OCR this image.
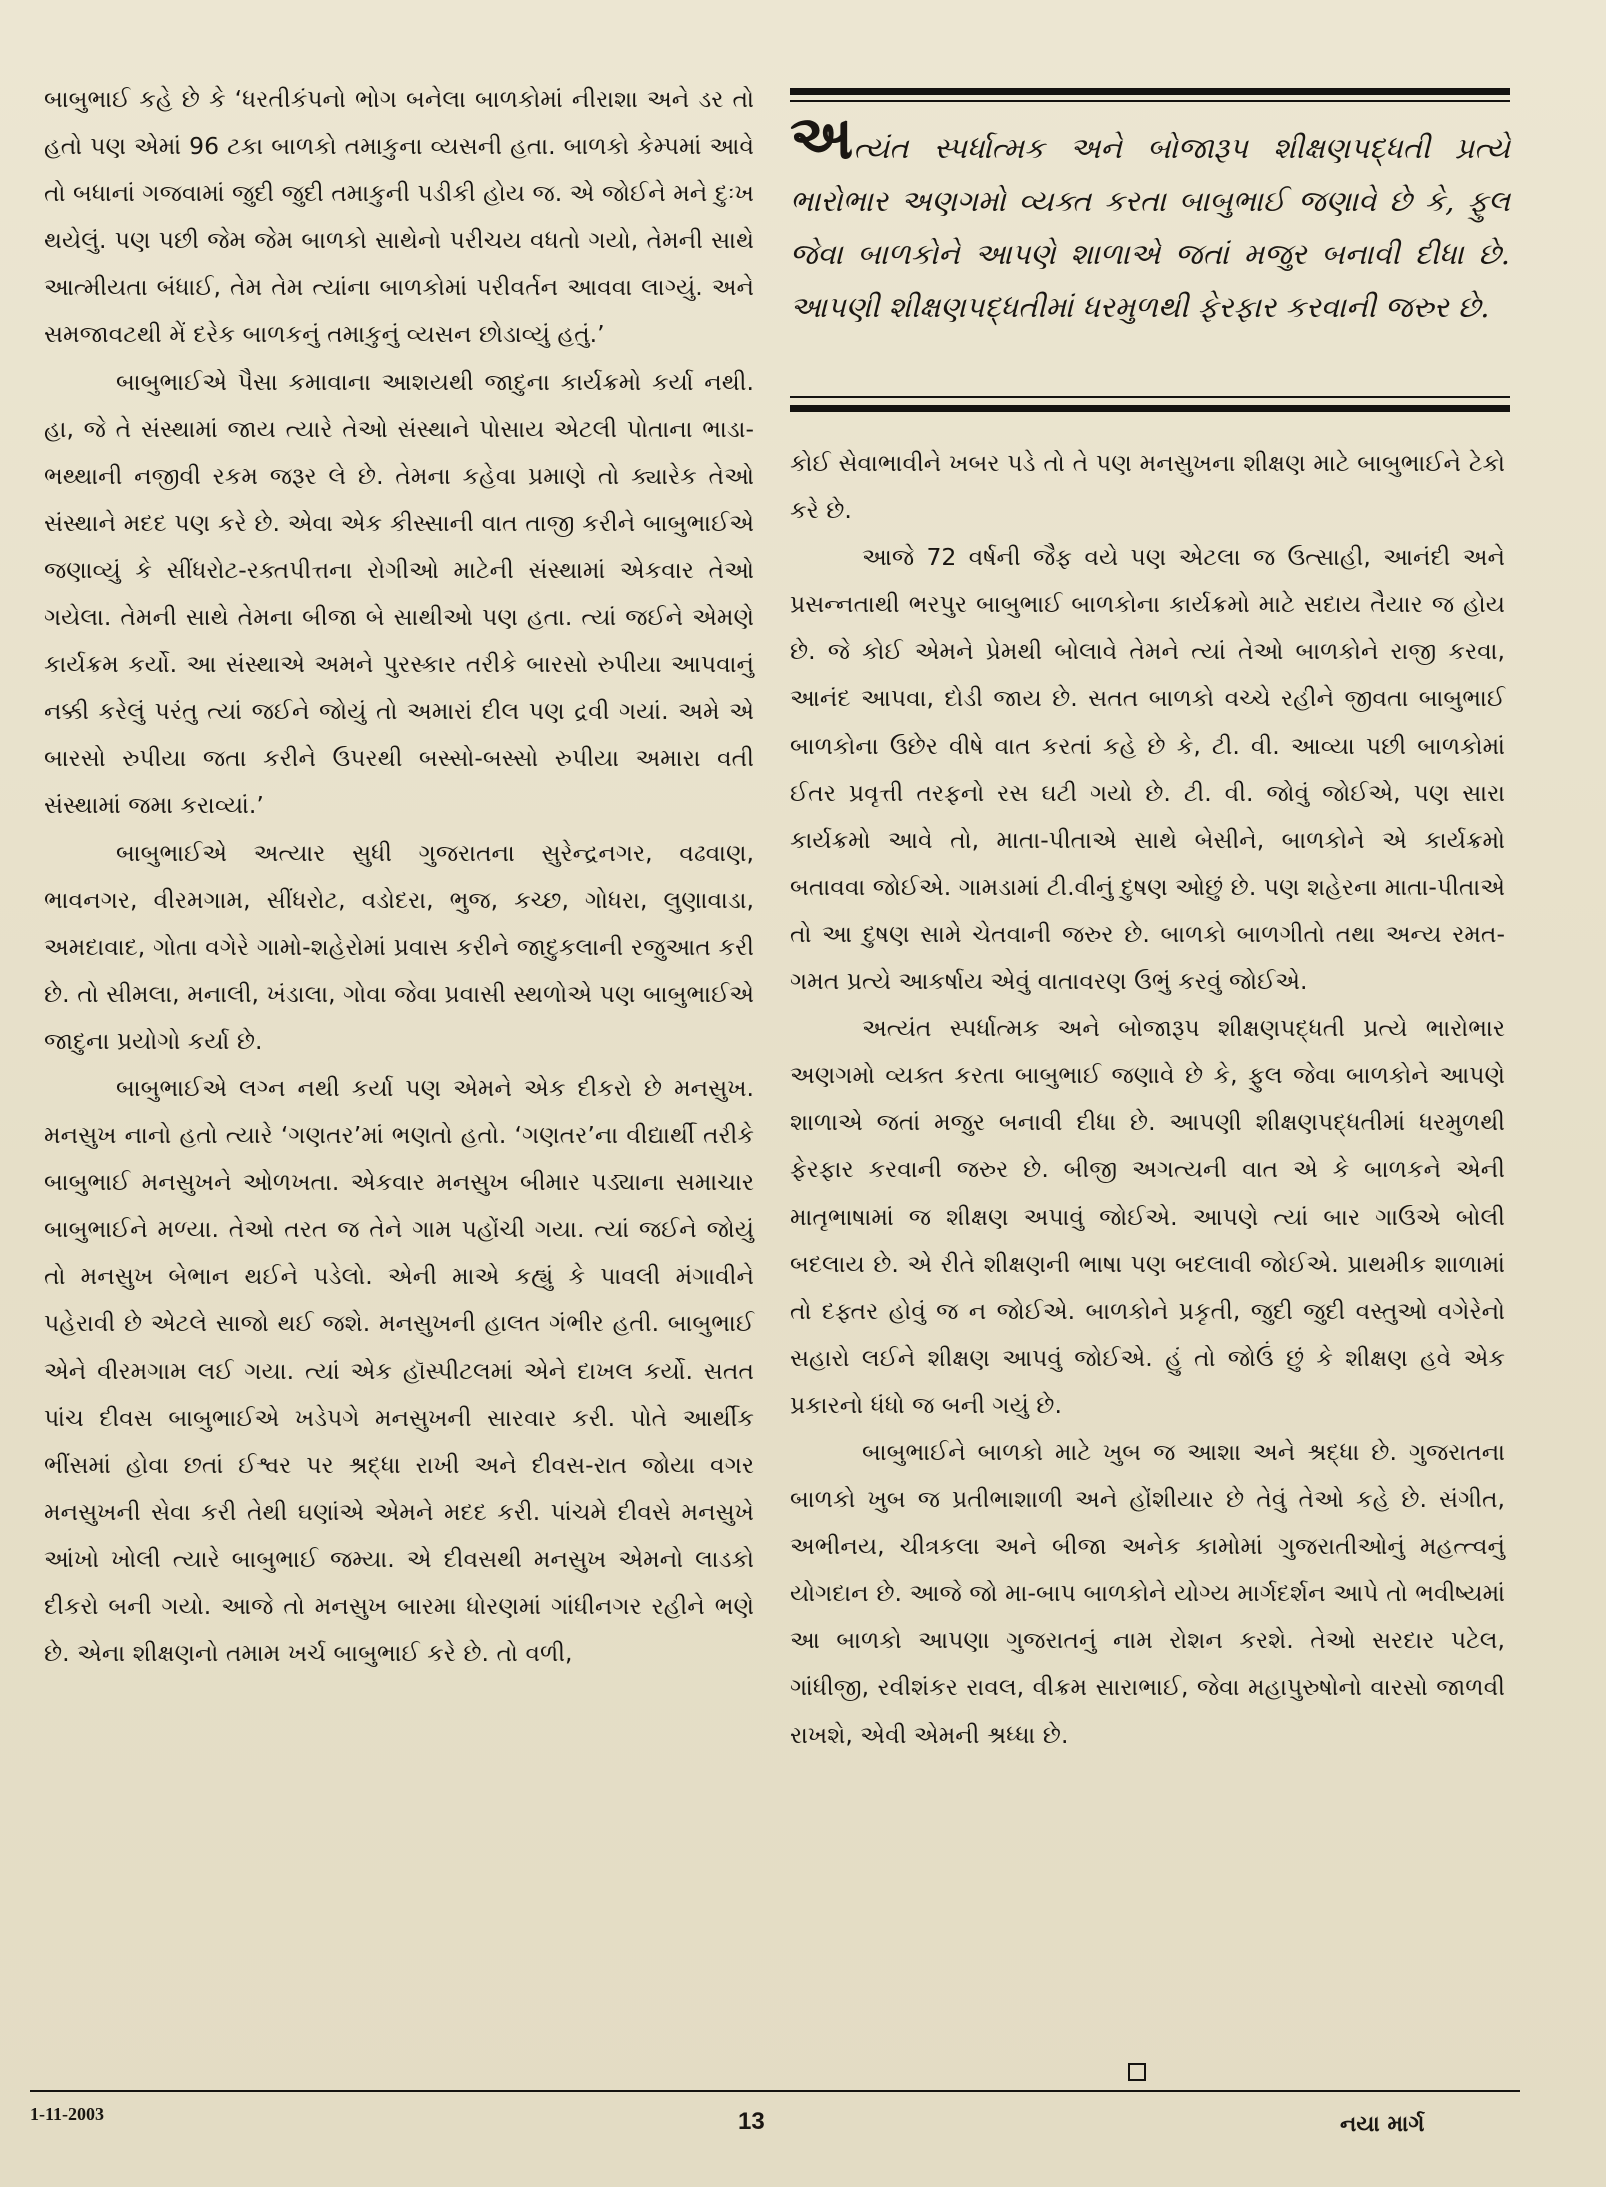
બાબુભાઈ કહે છે કે ‘ધરતીકંપનો ભોગ બનેલા બાળકોમાં નીરાશા અને ડર તો હતો પણ એમાં 96 ટકા બાળકો તમાકુના વ્યસની હતા. બાળકો કેમ્પમાં આવે તો બધાનાં ગજવામાં જુદી જુદી તમાકુની પડીકી હોય જ. એ જોઈને મને દુઃખ થયેલું. પણ પછી જેમ જેમ બાળકો સાથેનો પરીચય વધતો ગયો, તેમની સાથે આત્મીયતા બંધાઈ, તેમ તેમ ત્યાંના બાળકોમાં પરીવર્તન આવવા લાગ્યું. અને સમજાવટથી મેં દરેક બાળકનું તમાકુનું વ્યસન છોડાવ્યું હતું.’

બાબુભાઈએ પૈસા કમાવાના આશયથી જાદુના કાર્યક્રમો કર્યા નથી. હા, જે તે સંસ્થામાં જાય ત્યારે તેઓ સંસ્થાને પોસાય એટલી પોતાના ભાડા-ભથ્થાની નજીવી રકમ જરૂર લે છે. તેમના કહેવા પ્રમાણે તો ક્યારેક તેઓ સંસ્થાને મદદ પણ કરે છે. એવા એક કીસ્સાની વાત તાજી કરીને બાબુભાઈએ જણાવ્યું કે સીંધરોટ-રક્તપીત્તના રોગીઓ માટેની સંસ્થામાં એકવાર તેઓ ગયેલા. તેમની સાથે તેમના બીજા બે સાથીઓ પણ હતા. ત્યાં જઈને એમણે કાર્યક્રમ કર્યો. આ સંસ્થાએ અમને પુરસ્કાર તરીકે બારસો રુપીયા આપવાનું નક્કી કરેલું પરંતુ ત્યાં જઈને જોયું તો અમારાં દીલ પણ દ્રવી ગયાં. અમે એ બારસો રુપીયા જતા કરીને ઉપરથી બસ્સો-બસ્સો રુપીયા અમારા વતી સંસ્થામાં જમા કરાવ્યાં.’

બાબુભાઈએ અત્યાર સુધી ગુજરાતના સુરેન્દ્રનગર, વઢવાણ, ભાવનગર, વીરમગામ, સીંધરોટ, વડોદરા, ભુજ, કચ્છ, ગોધરા, લુણાવાડા, અમદાવાદ, ગોતા વગેરે ગામો-શહેરોમાં પ્રવાસ કરીને જાદુકલાની રજુઆત કરી છે. તો સીમલા, મનાલી, ખંડાલા, ગોવા જેવા પ્રવાસી સ્થળોએ પણ બાબુભાઈએ જાદુના પ્રયોગો કર્યા છે.

બાબુભાઈએ લગ્ન નથી કર્યા પણ એમને એક દીકરો છે મનસુખ. મનસુખ નાનો હતો ત્યારે ‘ગણતર’માં ભણતો હતો. ‘ગણતર’ના વીદ્યાર્થી તરીકે બાબુભાઈ મનસુખને ઓળખતા. એકવાર મનસુખ બીમાર પડ્યાના સમાચાર બાબુભાઈને મળ્યા. તેઓ તરત જ તેને ગામ પહોંચી ગયા. ત્યાં જઈને જોયું તો મનસુખ બેભાન થઈને પડેલો. એની માએ કહ્યું કે પાવલી મંગાવીને પહેરાવી છે એટલે સાજો થઈ જશે. મનસુખની હાલત ગંભીર હતી. બાબુભાઈ એને વીરમગામ લઈ ગયા. ત્યાં એક હૉસ્પીટલમાં એને દાખલ કર્યો. સતત પાંચ દીવસ બાબુભાઈએ ખડેપગે મનસુખની સારવાર કરી. પોતે આર્થીક ભીંસમાં હોવા છતાં ઈશ્વર પર શ્રદ્ધા રાખી અને દીવસ-રાત જોયા વગર મનસુખની સેવા કરી તેથી ઘણાંએ એમને મદદ કરી. પાંચમે દીવસે મનસુખે આંખો ખોલી ત્યારે બાબુભાઈ જમ્યા. એ દીવસથી મનસુખ એમનો લાડકો દીકરો બની ગયો. આજે તો મનસુખ બારમા ધોરણમાં ગાંધીનગર રહીને ભણે છે. એના શીક્ષણનો તમામ ખર્ચ બાબુભાઈ કરે છે. તો વળી,

અત્યંત સ્પર્ધાત્મક અને બોજારૂપ શીક્ષણપદ્ધતી પ્રત્યે ભારોભાર અણગમો વ્યક્ત કરતા બાબુભાઈ જણાવે છે કે, ફુલ જેવા બાળકોને આપણે શાળાએ જતાં મજુર બનાવી દીધા છે. આપણી શીક્ષણપદ્ધતીમાં ધરમુળથી ફેરફાર કરવાની જરુર છે.

કોઈ સેવાભાવીને ખબર પડે તો તે પણ મનસુખના શીક્ષણ માટે બાબુભાઈને ટેકો કરે છે.

આજે 72 વર્ષની જૈફ વયે પણ એટલા જ ઉત્સાહી, આનંદી અને પ્રસન્નતાથી ભરપુર બાબુભાઈ બાળકોના કાર્યક્રમો માટે સદાય તૈયાર જ હોય છે. જે કોઈ એમને પ્રેમથી બોલાવે તેમને ત્યાં તેઓ બાળકોને રાજી કરવા, આનંદ આપવા, દોડી જાય છે. સતત બાળકો વચ્ચે રહીને જીવતા બાબુભાઈ બાળકોના ઉછેર વીષે વાત કરતાં કહે છે કે, ટી. વી. આવ્યા પછી બાળકોમાં ઈતર પ્રવૃત્તી તરફનો રસ ઘટી ગયો છે. ટી. વી. જોવું જોઈએ, પણ સારા કાર્યક્રમો આવે તો, માતા-પીતાએ સાથે બેસીને, બાળકોને એ કાર્યક્રમો બતાવવા જોઈએ. ગામડામાં ટી.વીનું દુષણ ઓછું છે. પણ શહેરના માતા-પીતાએ તો આ દુષણ સામે ચેતવાની જરુર છે. બાળકો બાળગીતો તથા અન્ય રમત-ગમત પ્રત્યે આકર્ષાય એવું વાતાવરણ ઉભું કરવું જોઈએ.

અત્યંત સ્પર્ધાત્મક અને બોજારૂપ શીક્ષણપદ્ધતી પ્રત્યે ભારોભાર અણગમો વ્યક્ત કરતા બાબુભાઈ જણાવે છે કે, ફુલ જેવા બાળકોને આપણે શાળાએ જતાં મજુર બનાવી દીધા છે. આપણી શીક્ષણપદ્ધતીમાં ધરમુળથી ફેરફાર કરવાની જરુર છે. બીજી અગત્યની વાત એ કે બાળકને એની માતૃભાષામાં જ શીક્ષણ અપાવું જોઈએ. આપણે ત્યાં બાર ગાઉએ બોલી બદલાય છે. એ રીતે શીક્ષણની ભાષા પણ બદલાવી જોઈએ. પ્રાથમીક શાળામાં તો દફ્તર હોવું જ ન જોઈએ. બાળકોને પ્રકૃતી, જુદી જુદી વસ્તુઓ વગેરેનો સહારો લઈને શીક્ષણ આપવું જોઈએ. હું તો જોઉં છું કે શીક્ષણ હવે એક પ્રકારનો ધંધો જ બની ગયું છે.

બાબુભાઈને બાળકો માટે ખુબ જ આશા અને શ્રદ્ધા છે. ગુજરાતના બાળકો ખુબ જ પ્રતીભાશાળી અને હોંશીયાર છે તેવું તેઓ કહે છે. સંગીત, અભીનય, ચીત્રકલા અને બીજા અનેક કામોમાં ગુજરાતીઓનું મહત્ત્વનું યોગદાન છે. આજે જો મા-બાપ બાળકોને યોગ્ય માર્ગદર્શન આપે તો ભવીષ્યમાં આ બાળકો આપણા ગુજરાતનું નામ રોશન કરશે. તેઓ સરદાર પટેલ, ગાંધીજી, રવીશંકર રાવલ, વીક્રમ સારાભાઈ, જેવા મહાપુરુષોનો વારસો જાળવી રાખશે, એવી એમની શ્રધ્ધા છે.

1-11-2003	13	નયા માર્ગ
